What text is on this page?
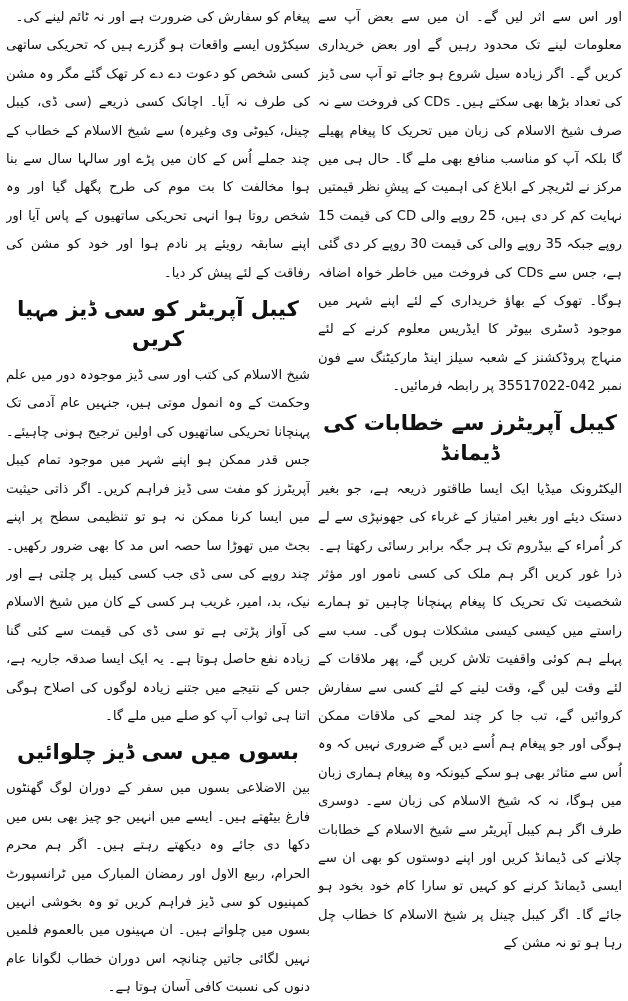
اور اس سے اثر لیں گے۔ ان میں سے بعض آپ سے معلومات لینے تک محدود رہیں گے اور بعض خریداری کریں گے۔ اگر زیادہ سیل شروع ہو جائے تو آپ سی ڈیز کی تعداد بڑھا بھی سکتے ہیں۔ CDs کی فروخت سے نہ صرف شیخ الاسلام کی زبان میں تحریک کا پیغام پھیلے گا بلکہ آپ کو مناسب منافع بھی ملے گا۔ حال ہی میں مرکز نے لٹریچر کے ابلاغ کی اہمیت کے پیشِ نظر قیمتیں نہایت کم کر دی ہیں، 25 روپے والی CD کی قیمت 15 روپے جبکہ 35 روپے والی کی قیمت 30 روپے کر دی گئی ہے، جس سے CDs کی فروخت میں خاطر خواہ اضافہ ہوگا۔ تھوک کے بھاؤ خریداری کے لئے اپنے شہر میں موجود ڈسٹری بیوٹر کا ایڈریس معلوم کرنے کے لئے منہاج پروڈکشنز کے شعبہ سیلز اینڈ مارکیٹنگ سے فون نمبر 042-35517022 پر رابطہ فرمائیں۔

کیبل آپریٹرز سے خطابات کی ڈیمانڈ

الیکٹرونک میڈیا ایک ایسا طاقتور ذریعہ ہے، جو بغیر دستک دیئے اور بغیر امتیاز کے غرباء کی جھونپڑی سے لے کر اُمراء کے بیڈروم تک ہر جگہ برابر رسائی رکھتا ہے۔ ذرا غور کریں اگر ہم ملک کی کسی نامور اور مؤثر شخصیت تک تحریک کا پیغام پہنچانا چاہیں تو ہمارے راستے میں کیسی کیسی مشکلات ہوں گی۔ سب سے پہلے ہم کوئی واقفیت تلاش کریں گے، پھر ملاقات کے لئے وقت لیں گے، وقت لینے کے لئے کسی سے سفارش کروائیں گے، تب جا کر چند لمحے کی ملاقات ممکن ہوگی اور جو پیغام ہم اُسے دیں گے ضروری نہیں کہ وہ اُس سے متاثر بھی ہو سکے کیونکہ وہ پیغام ہماری زبان میں ہوگا، نہ کہ شیخ الاسلام کی زبان سے۔ دوسری طرف اگر ہم کیبل آپریٹر سے شیخ الاسلام کے خطابات چلانے کی ڈیمانڈ کریں اور اپنے دوستوں کو بھی ان سے ایسی ڈیمانڈ کرنے کو کہیں تو سارا کام خود بخود ہو جائے گا۔ اگر کیبل چینل پر شیخ الاسلام کا خطاب چل رہا ہو تو نہ مشن کے

پیغام کو سفارش کی ضرورت ہے اور نہ ٹائم لینے کی۔

سیکڑوں ایسے واقعات ہو گزرے ہیں کہ تحریکی ساتھی کسی شخص کو دعوت دے دے کر تھک گئے مگر وہ مشن کی طرف نہ آیا۔ اچانک کسی ذریعے (سی ڈی، کیبل چینل، کیوٹی وی وغیرہ) سے شیخ الاسلام کے خطاب کے چند جملے اُس کے کان میں پڑے اور سالہا سال سے بنا ہوا مخالفت کا بت موم کی طرح پگھل گیا اور وہ شخص روتا ہوا انہی تحریکی ساتھیوں کے پاس آیا اور اپنے سابقہ رویئے پر نادم ہوا اور خود کو مشن کی رفاقت کے لئے پیش کر دیا۔

کیبل آپریٹر کو سی ڈیز مہیا کریں

شیخ الاسلام کی کتب اور سی ڈیز موجودہ دور میں علم وحکمت کے وہ انمول موتی ہیں، جنہیں عام آدمی تک پہنچانا تحریکی ساتھیوں کی اولین ترجیح ہونی چاہیئے۔ جس قدر ممکن ہو اپنے شہر میں موجود تمام کیبل آپریٹرز کو مفت سی ڈیز فراہم کریں۔ اگر ذاتی حیثیت میں ایسا کرنا ممکن نہ ہو تو تنظیمی سطح پر اپنے بجٹ میں تھوڑا سا حصہ اس مد کا بھی ضرور رکھیں۔ چند روپے کی سی ڈی جب کسی کیبل پر چلتی ہے اور نیک، بد، امیر، غریب ہر کسی کے کان میں شیخ الاسلام کی آواز پڑتی ہے تو سی ڈی کی قیمت سے کئی گنا زیادہ نفع حاصل ہوتا ہے۔ یہ ایک ایسا صدقہ جاریہ ہے، جس کے نتیجے میں جتنے زیادہ لوگوں کی اصلاح ہوگی اتنا ہی ثواب آپ کو صلے میں ملے گا۔

بسوں میں سی ڈیز چلوائیں

بین الاضلاعی بسوں میں سفر کے دوران لوگ گھنٹوں فارغ بیٹھتے ہیں۔ ایسے میں انہیں جو چیز بھی بس میں دکھا دی جائے وہ دیکھتے رہتے ہیں۔ اگر ہم محرم الحرام، ربیع الاول اور رمضان المبارک میں ٹرانسپورٹ کمپنیوں کو سی ڈیز فراہم کریں تو وہ بخوشی انہیں بسوں میں چلواتے ہیں۔ ان مہینوں میں بالعموم فلمیں نہیں لگائی جاتیں چنانچہ اس دوران خطاب لگوانا عام دنوں کی نسبت کافی آسان ہوتا ہے۔
